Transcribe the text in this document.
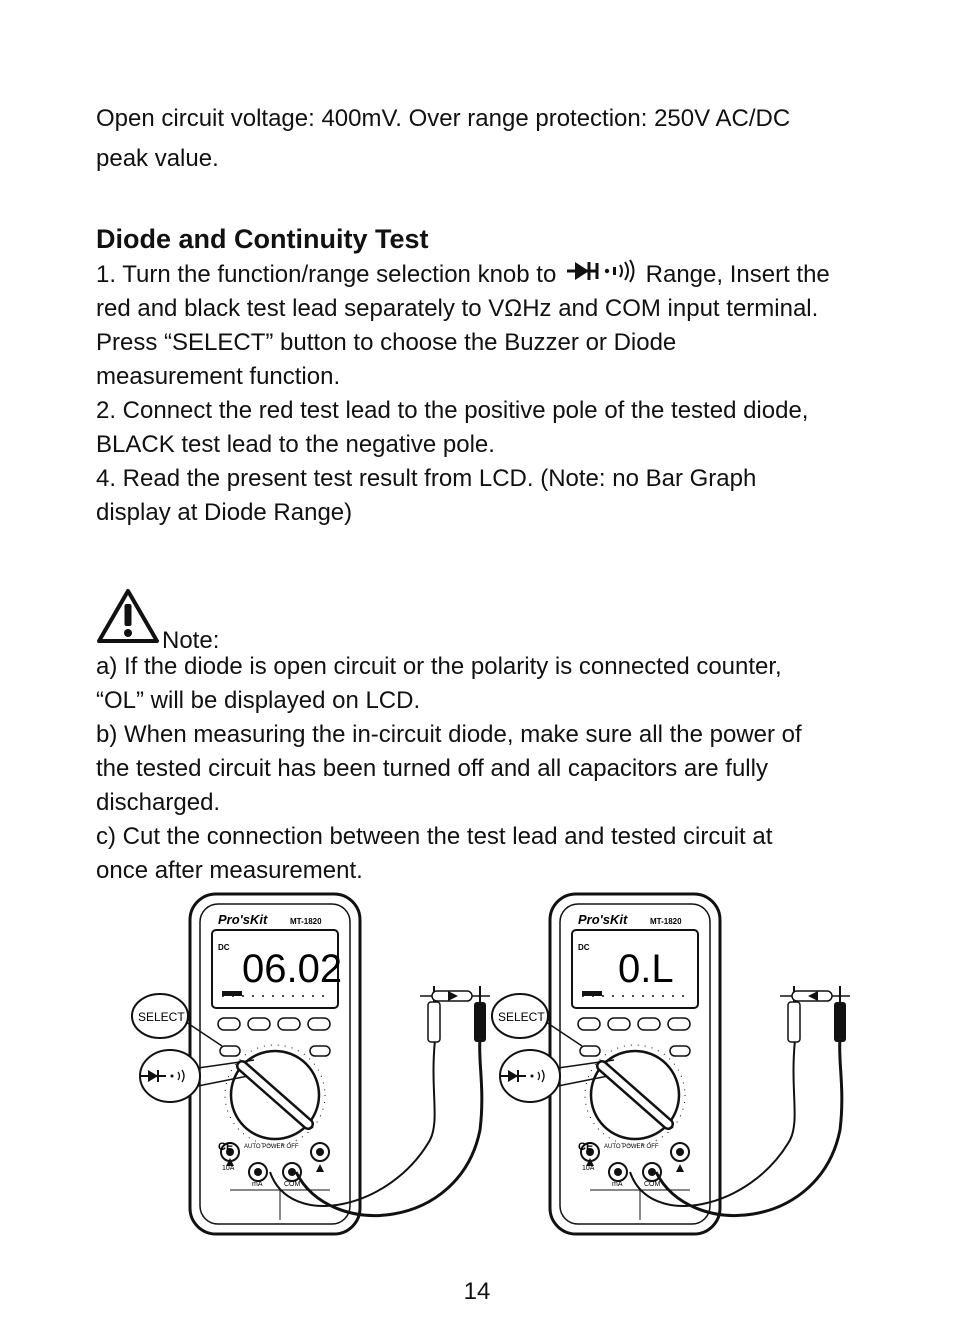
Open circuit voltage: 400mV. Over range protection: 250V AC/DC

peak value.

Diode and Continuity Test

1. Turn the function/range selection knob to	Range, Insert the

red and black test lead separately to VΩHz and COM input terminal.

Press “SELECT” button to choose the Buzzer or Diode

measurement function.

2. Connect the red test lead to the positive pole of the tested diode,

BLACK test lead to the negative pole.

4. Read the present test result from LCD. (Note: no Bar Graph

display at Diode Range)

Note:

a) If the diode is open circuit or the polarity is connected counter,

“OL” will be displayed on LCD.

b) When measuring the in-circuit diode, make sure all the power of

the tested circuit has been turned off and all capacitors are fully

discharged.

c) Cut the connection between the test lead and tested circuit at

once after measurement.

Pro'sKit	MT-1820
DC 06.02
SELECT
CE AUTO POWER OFF
10A
mA	COM
Pro'sKit	MT-1820
DC 0.L
SELECT
CE AUTO POWER OFF
10A
mA	COM
14
